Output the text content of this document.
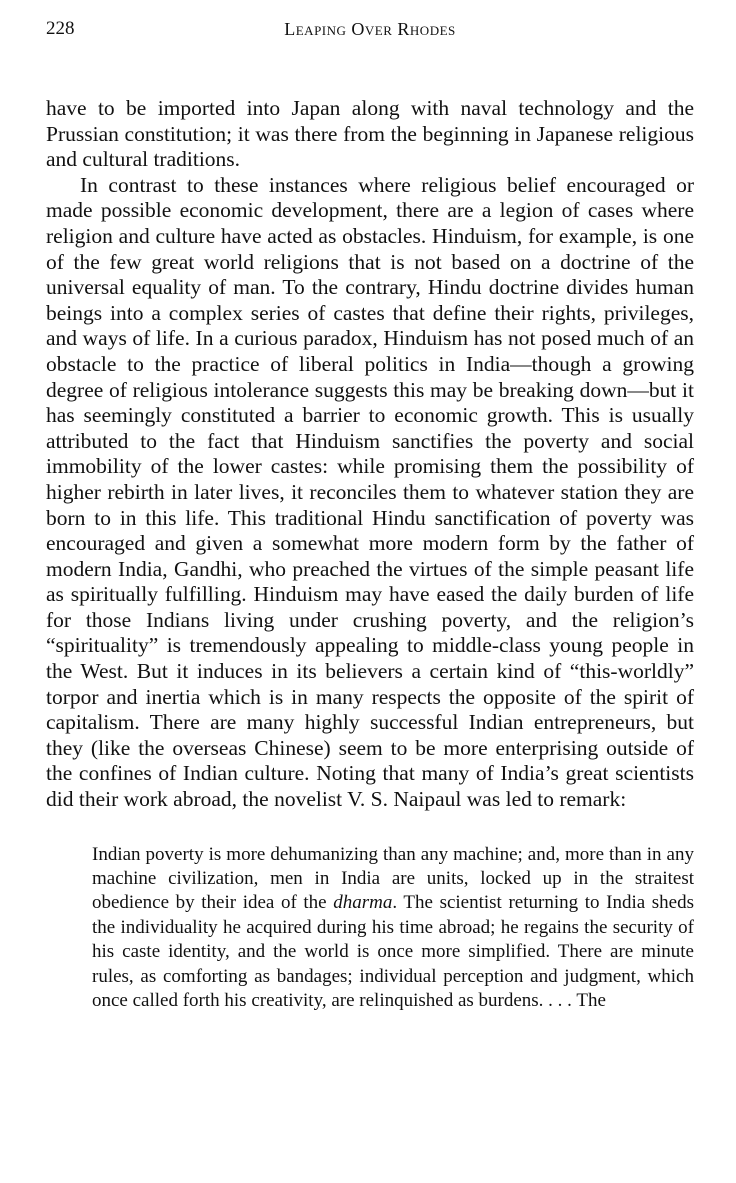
228	Leaping Over Rhodes

have to be imported into Japan along with naval technology and the Prussian constitution; it was there from the beginning in Japanese religious and cultural traditions.

In contrast to these instances where religious belief encouraged or made possible economic development, there are a legion of cases where religion and culture have acted as obstacles. Hinduism, for example, is one of the few great world religions that is not based on a doctrine of the universal equality of man. To the contrary, Hindu doctrine divides human beings into a complex series of castes that define their rights, privileges, and ways of life. In a curious paradox, Hinduism has not posed much of an obstacle to the practice of liberal politics in India—though a growing degree of religious intolerance suggests this may be breaking down—but it has seemingly constituted a barrier to economic growth. This is usually attributed to the fact that Hinduism sanctifies the poverty and social immobility of the lower castes: while promising them the possibility of higher rebirth in later lives, it reconciles them to whatever station they are born to in this life. This traditional Hindu sanctification of poverty was encouraged and given a somewhat more modern form by the father of modern India, Gandhi, who preached the virtues of the simple peasant life as spiritually fulfilling. Hinduism may have eased the daily burden of life for those Indians living under crushing poverty, and the religion’s “spirituality” is tremendously appealing to middle-class young people in the West. But it induces in its believers a certain kind of “this-worldly” torpor and inertia which is in many respects the opposite of the spirit of capitalism. There are many highly successful Indian entrepreneurs, but they (like the overseas Chinese) seem to be more enterprising outside of the confines of Indian culture. Noting that many of India’s great scientists did their work abroad, the novelist V. S. Naipaul was led to remark:

Indian poverty is more dehumanizing than any machine; and, more than in any machine civilization, men in India are units, locked up in the straitest obedience by their idea of the dharma. The scientist returning to India sheds the individuality he acquired during his time abroad; he regains the security of his caste identity, and the world is once more simplified. There are minute rules, as comforting as bandages; individual perception and judgment, which once called forth his creativity, are relinquished as burdens. . . . The
